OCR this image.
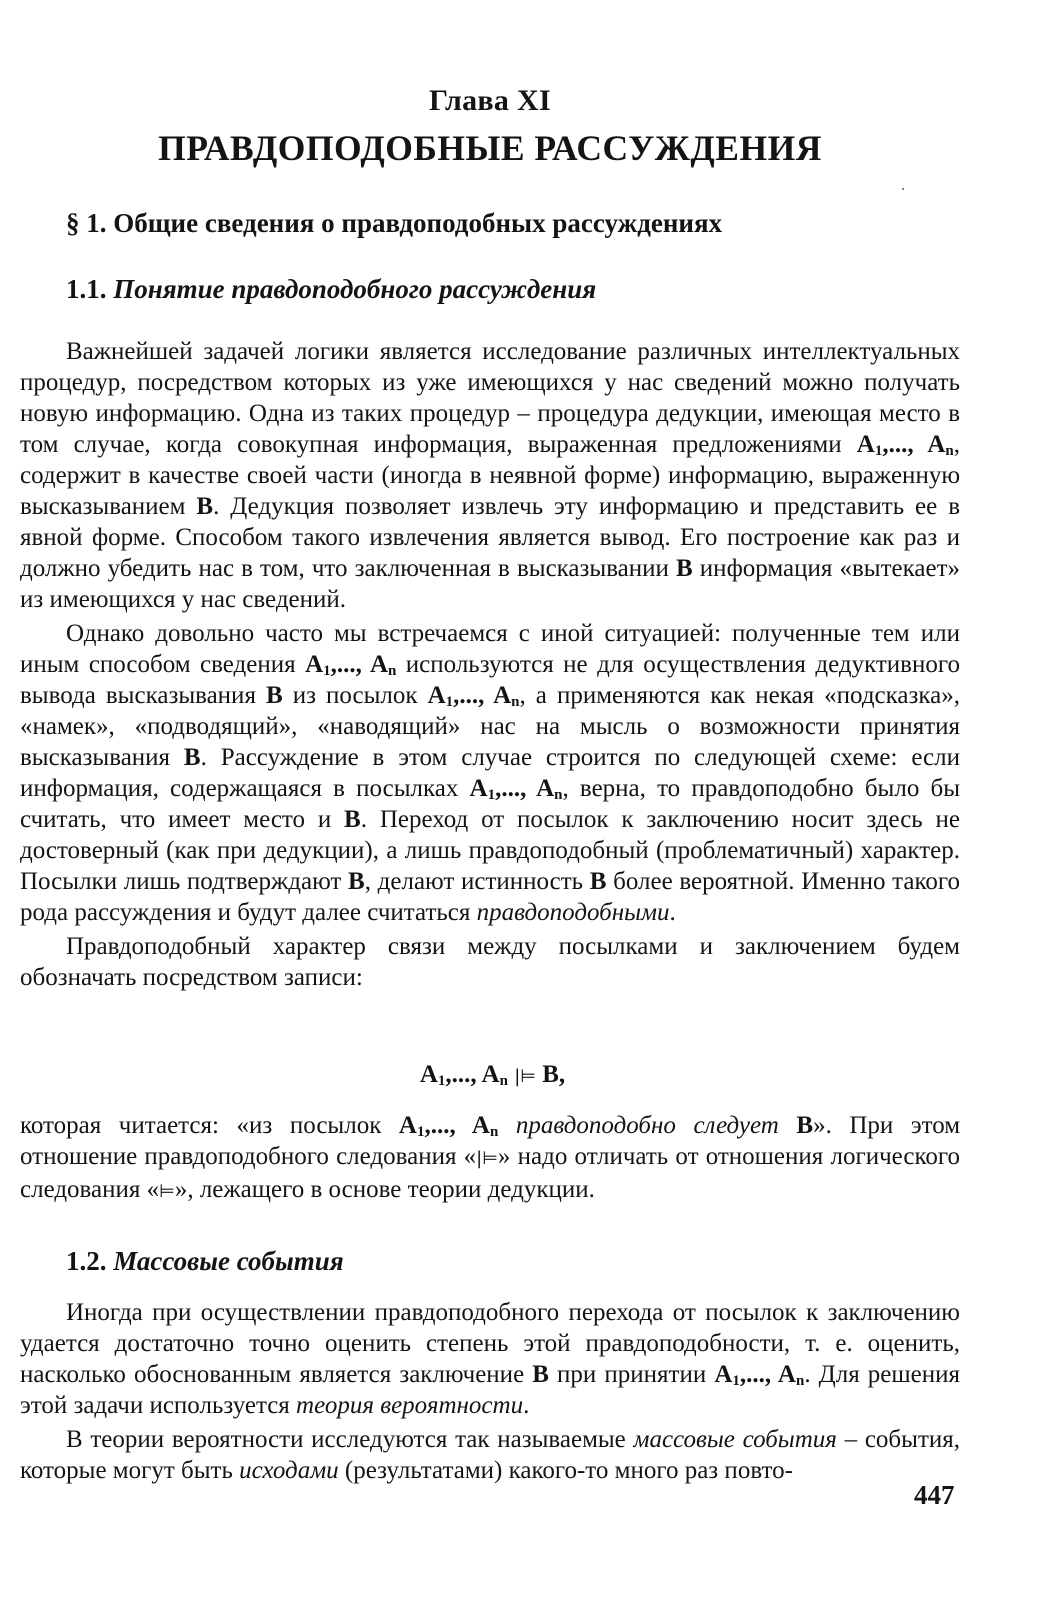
Глава XI
ПРАВДОПОДОБНЫЕ РАССУЖДЕНИЯ
§ 1. Общие сведения о правдоподобных рассуждениях
1.1. Понятие правдоподобного рассуждения

Важнейшей задачей логики является исследование различных интеллектуальных процедур, посредством которых из уже имеющихся у нас сведений можно получать новую информацию. Одна из таких процедур – процедура дедукции, имеющая место в том случае, когда совокупная информация, выраженная предложениями $A_1$,..., $A_n$, содержит в качестве своей части (иногда в неявной форме) информацию, выраженную высказыванием B. Дедукция позволяет извлечь эту информацию и представить ее в явной форме. Способом такого извлечения является вывод. Его построение как раз и должно убедить нас в том, что заключенная в высказывании B информация «вытекает» из имеющихся у нас сведений.

Однако довольно часто мы встречаемся с иной ситуацией: полученные тем или иным способом сведения $A_1$,..., $A_n$ используются не для осуществления дедуктивного вывода высказывания B из посылок $A_1$,..., $A_n$, а применяются как некая «подсказка», «намек», «подводящий», «наводящий» нас на мысль о возможности принятия высказывания B. Рассуждение в этом случае строится по следующей схеме: если информация, содержащаяся в посылках $A_1$,..., $A_n$, верна, то правдоподобно было бы считать, что имеет место и B. Переход от посылок к заключению носит здесь не достоверный (как при дедукции), а лишь правдоподобный (проблематичный) характер. Посылки лишь подтверждают B, делают истинность B более вероятной. Именно такого рода рассуждения и будут далее считаться правдоподобными.

Правдоподобный характер связи между посылками и заключением будем обозначать посредством записи:

$A_1$,..., $A_n$ |⊨ B,

которая читается: «из посылок $A_1$,..., $A_n$ правдоподобно следует B». При этом отношение правдоподобного следования «|⊨» надо отличать от отношения логического следования «⊨», лежащего в основе теории дедукции.

1.2. Массовые события

Иногда при осуществлении правдоподобного перехода от посылок к заключению удается достаточно точно оценить степень этой правдоподобности, т. е. оценить, насколько обоснованным является заключение B при принятии $A_1$,..., $A_n$. Для решения этой задачи используется теория вероятности.

В теории вероятности исследуются так называемые массовые события – события, которые могут быть исходами (результатами) какого-то много раз повто-

447
